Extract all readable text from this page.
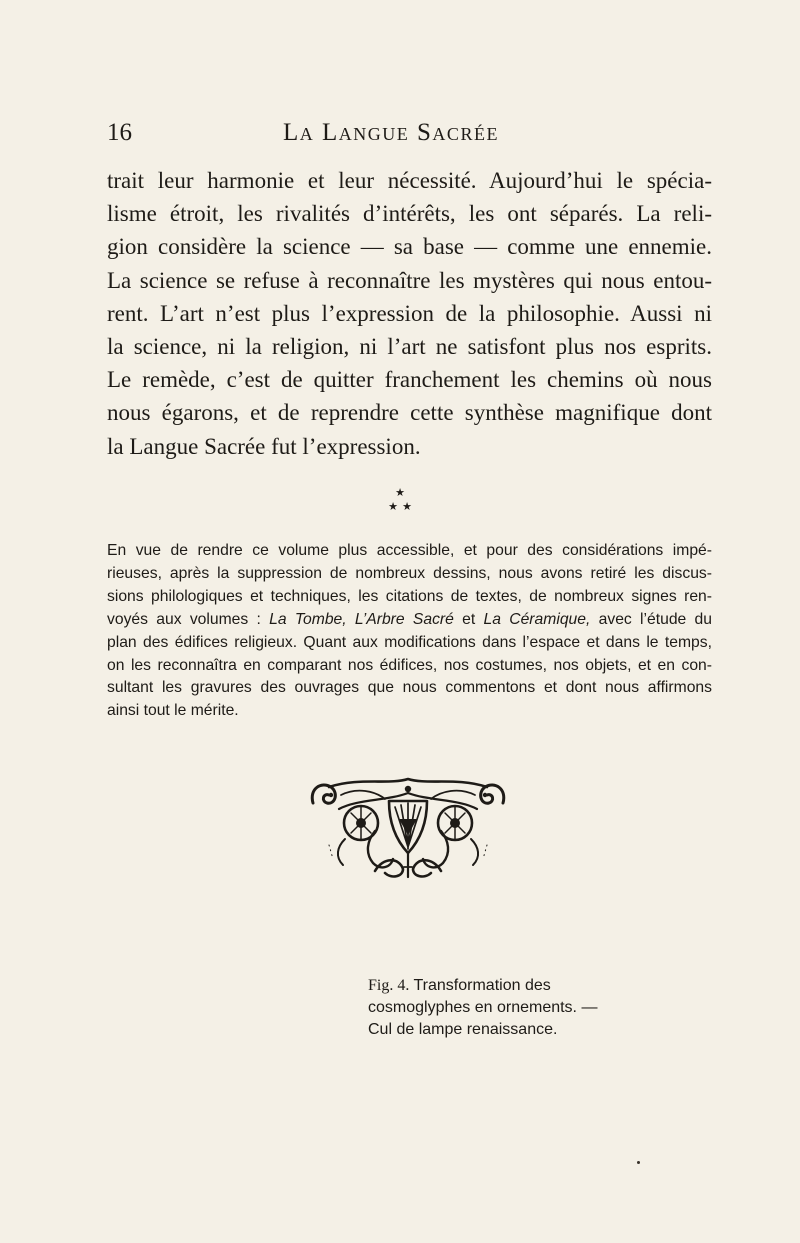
16	La Langue Sacrée
trait leur harmonie et leur nécessité. Aujourd’hui le spécia-
lisme étroit, les rivalités d’intérêts, les ont séparés. La reli-
gion considère la science — sa base — comme une ennemie.
La science se refuse à reconnaître les mystères qui nous entou-
rent. L’art n’est plus l’expression de la philosophie. Aussi ni
la science, ni la religion, ni l’art ne satisfont plus nos esprits.
Le remède, c’est de quitter franchement les chemins où nous
nous égarons, et de reprendre cette synthèse magnifique dont
la Langue Sacrée fut l’expression.
★
★ ★
En vue de rendre ce volume plus accessible, et pour des considérations impé-
rieuses, après la suppression de nombreux dessins, nous avons retiré les discus-
sions philologiques et techniques, les citations de textes, de nombreux signes ren-
voyés aux volumes : La Tombe, L’Arbre Sacré et La Céramique, avec l’étude du
plan des édifices religieux. Quant aux modifications dans l’espace et dans le temps,
on les reconnaîtra en comparant nos édifices, nos costumes, nos objets, et en con-
sultant les gravures des ouvrages que nous commentons et dont nous affirmons
ainsi tout le mérite.
Fig. 4. Transformation des
cosmoglyphes en ornements. —
Cul de lampe renaissance.
